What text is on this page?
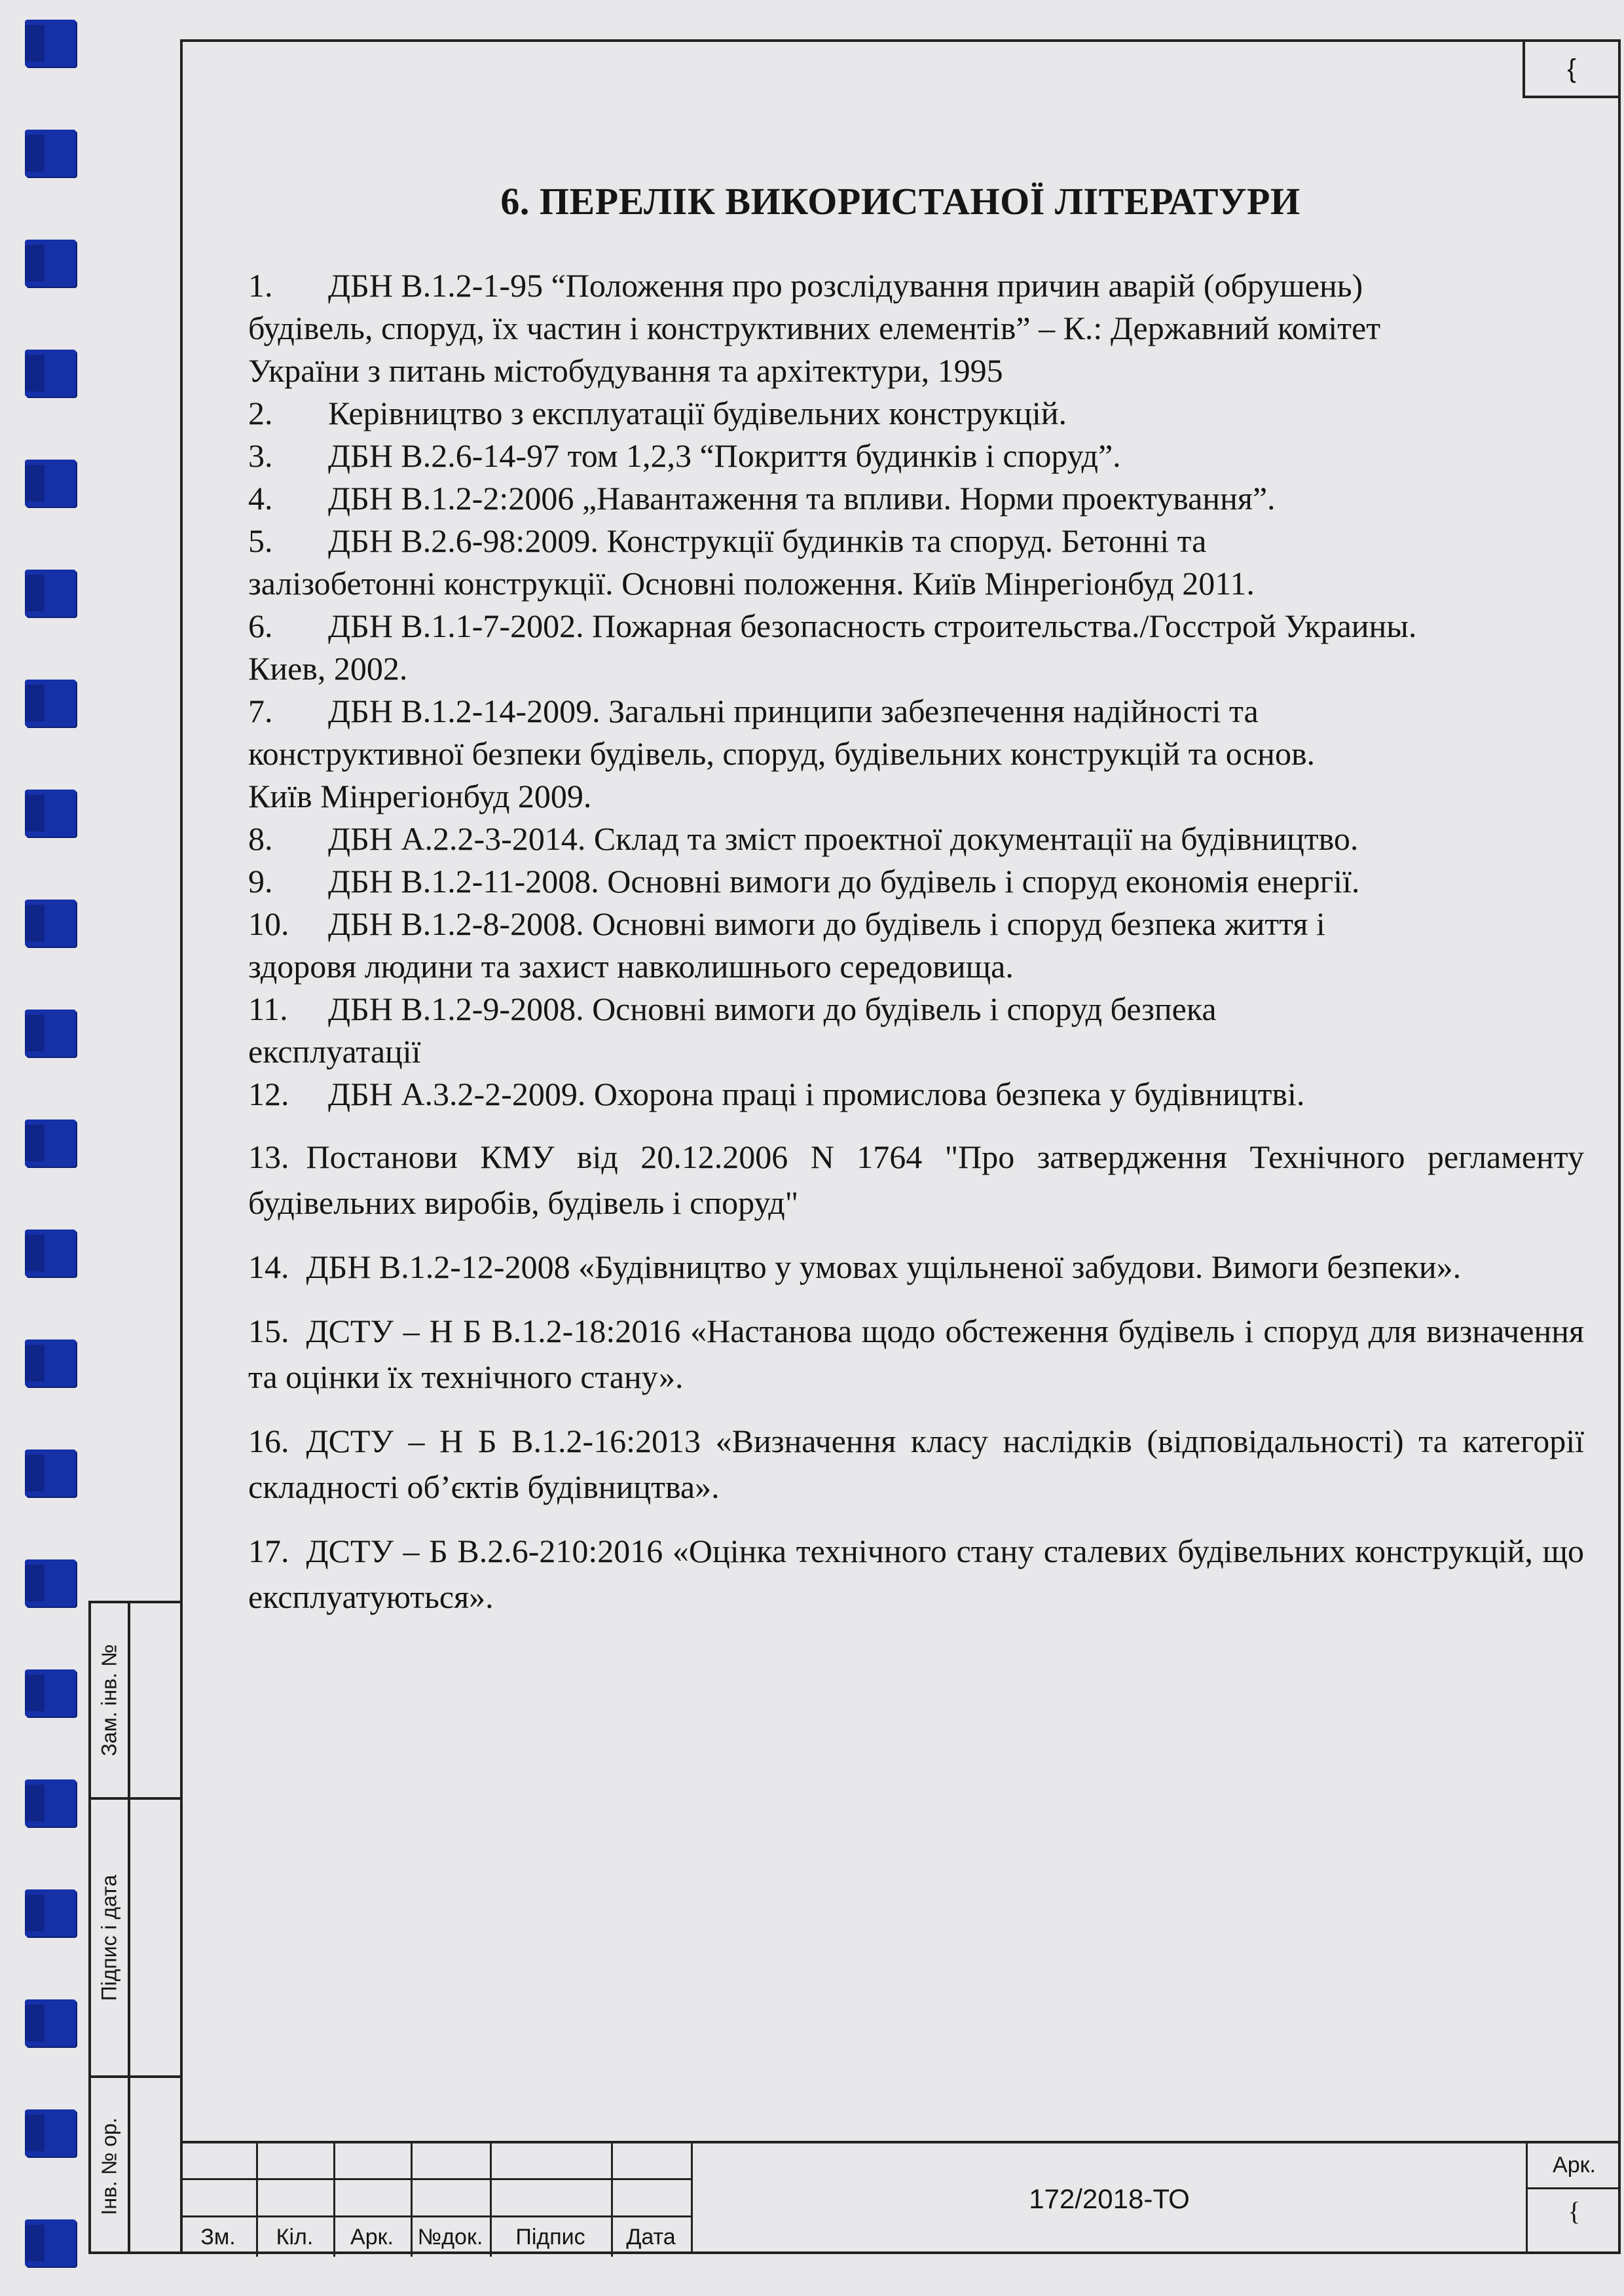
{
6. ПЕРЕЛІК ВИКОРИСТАНОЇ ЛІТЕРАТУРИ

1. ДБН В.1.2-1-95 “Положення про розслідування причин аварій (обрушень)

будівель, споруд, їх частин і конструктивних елементів” – К.: Державний комітет

України з питань містобудування та архітектури, 1995

2. Керівництво з експлуатації будівельних конструкцій.

3. ДБН В.2.6-14-97 том 1,2,3 “Покриття будинків і споруд”.

4. ДБН В.1.2-2:2006 „Навантаження та впливи. Норми проектування”.

5. ДБН В.2.6-98:2009. Конструкції будинків та споруд. Бетонні та

залізобетонні конструкції. Основні положення. Київ Мінрегіонбуд 2011.

6. ДБН В.1.1-7-2002. Пожарная безопасность строительства./Госстрой Украины.

Киев, 2002.

7. ДБН В.1.2-14-2009. Загальні принципи забезпечення надійності та

конструктивної безпеки будівель, споруд, будівельних конструкцій та основ.

Київ Мінрегіонбуд 2009.

8. ДБН А.2.2-3-2014. Склад та зміст проектної документації на будівництво.

9. ДБН В.1.2-11-2008. Основні вимоги до будівель і споруд економія енергії.

10. ДБН В.1.2-8-2008. Основні вимоги до будівель і споруд безпека життя і

здоровя людини та захист навколишнього середовища.

11. ДБН В.1.2-9-2008. Основні вимоги до будівель і споруд безпека

експлуатації

12. ДБН А.3.2-2-2009. Охорона праці і промислова безпека у будівництві.

13. Постанови КМУ від 20.12.2006 N 1764 "Про затвердження Технічного регламенту будівельних виробів, будівель і споруд"

14. ДБН В.1.2-12-2008 «Будівництво у умовах ущільненої забудови. Вимоги безпеки».

15. ДСТУ – Н Б В.1.2-18:2016 «Настанова щодо обстеження будівель і споруд для визначення та оцінки їх технічного стану».

16. ДСТУ – Н Б В.1.2-16:2013 «Визначення класу наслідків (відповідальності) та категорії складності об’єктів будівництва».

17. ДСТУ – Б В.2.6-210:2016 «Оцінка технічного стану сталевих будівельних конструкцій, що експлуатуються».

Зам. інв. №
Підпис і дата
Інв. № ор.
Зм.	Кіл.	Арк.	№док.	Підпис	Дата
172/2018-ТО
Арк.
{
